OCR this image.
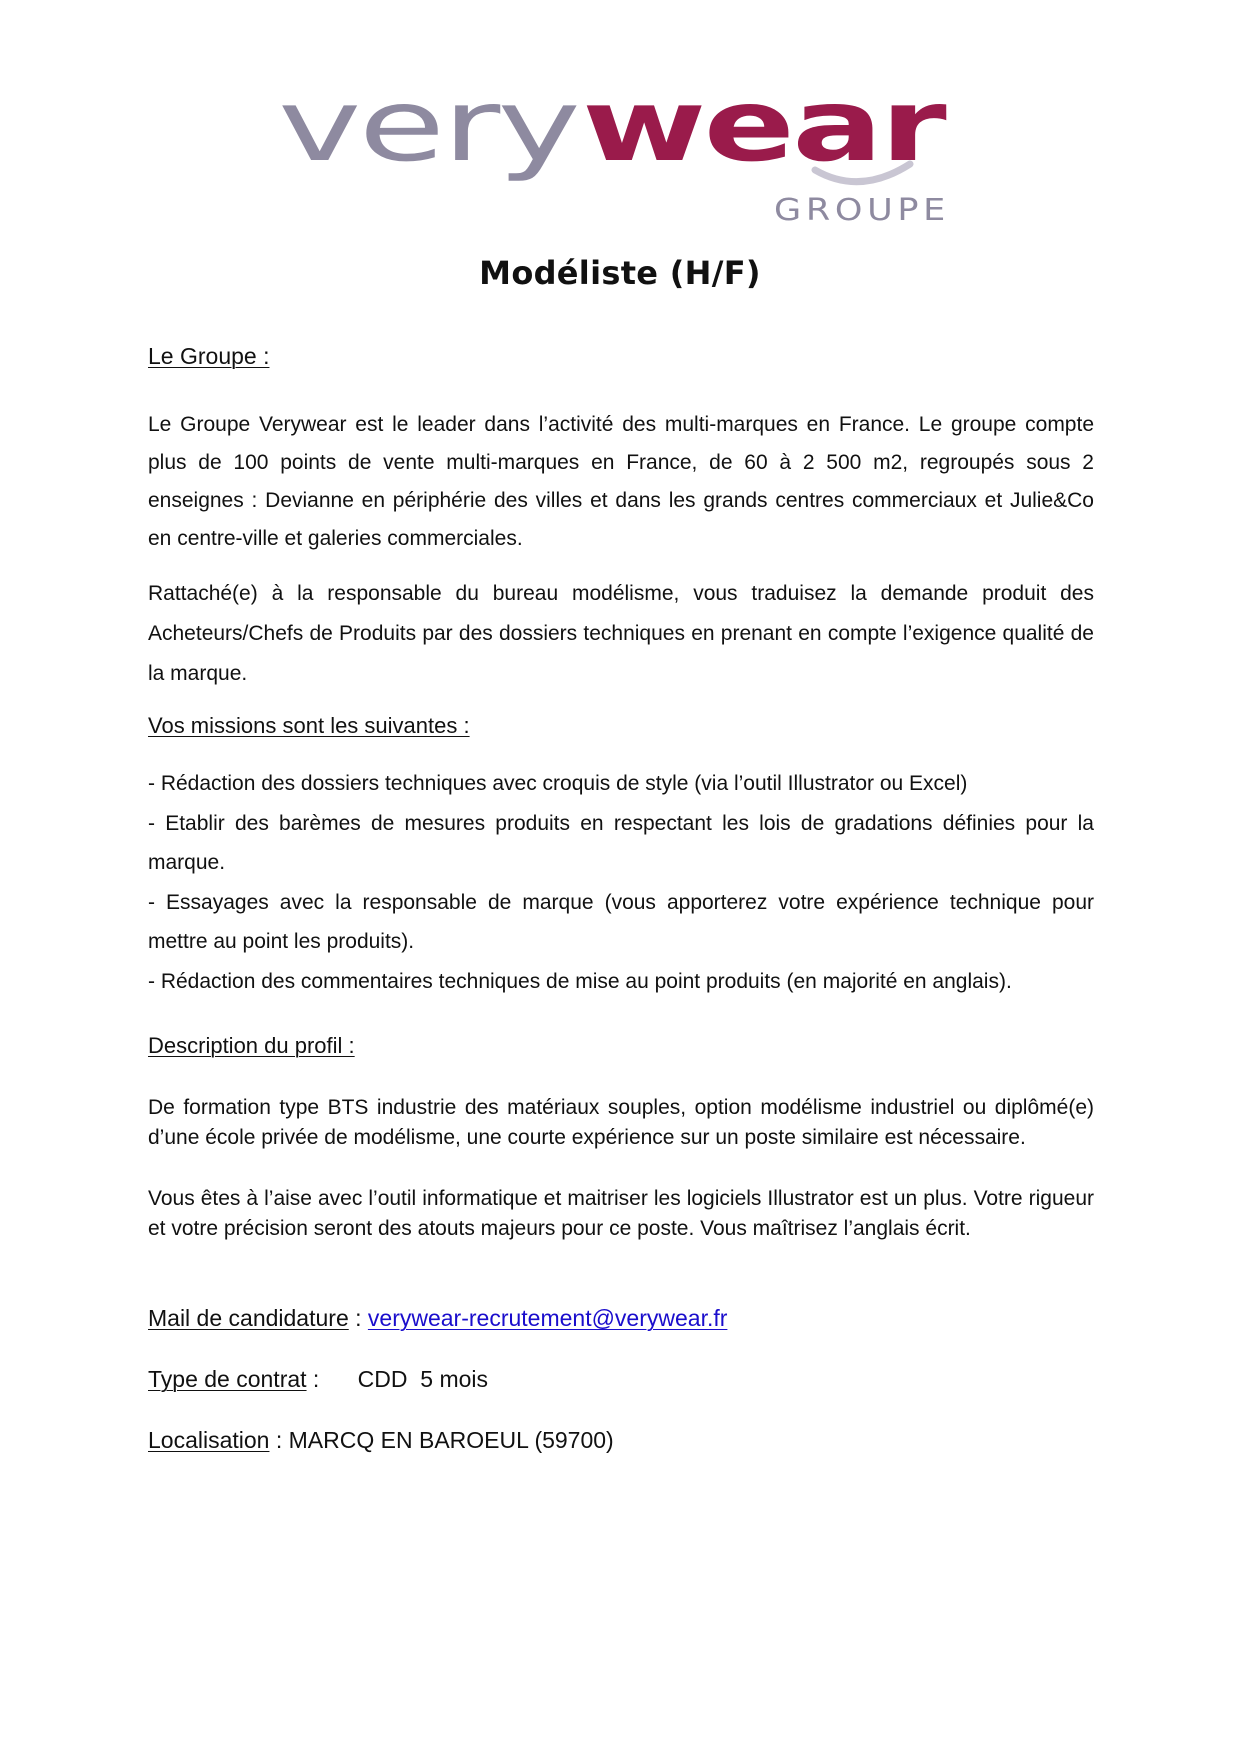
very wear
GROUPE
Modéliste (H/F)
Le Groupe :
Le Groupe Verywear est le leader dans l’activité des multi-marques en France. Le groupe compte plus de 100 points de vente multi-marques en France, de 60 à 2 500 m2, regroupés sous 2 enseignes : Devianne en périphérie des villes et dans les grands centres commerciaux et Julie&Co en centre-ville et galeries commerciales.
Rattaché(e) à la responsable du bureau modélisme, vous traduisez la demande produit des Acheteurs/Chefs de Produits par des dossiers techniques en prenant en compte l’exigence qualité de la marque.
Vos missions sont les suivantes :
- Rédaction des dossiers techniques avec croquis de style (via l’outil Illustrator ou Excel)
- Etablir des barèmes de mesures produits en respectant les lois de gradations définies pour la marque.
- Essayages avec la responsable de marque (vous apporterez votre expérience technique pour mettre au point les produits).
- Rédaction des commentaires techniques de mise au point produits (en majorité en anglais).
Description du profil :
De formation type BTS industrie des matériaux souples, option modélisme industriel ou diplômé(e) d’une école privée de modélisme, une courte expérience sur un poste similaire est nécessaire.
Vous êtes à l’aise avec l’outil informatique et maitriser les logiciels Illustrator est un plus. Votre rigueur et votre précision seront des atouts majeurs pour ce poste. Vous maîtrisez l’anglais écrit.
Mail de candidature : verywear-recrutement@verywear.fr
Type de contrat :      CDD  5 mois
Localisation : MARCQ EN BAROEUL (59700)
